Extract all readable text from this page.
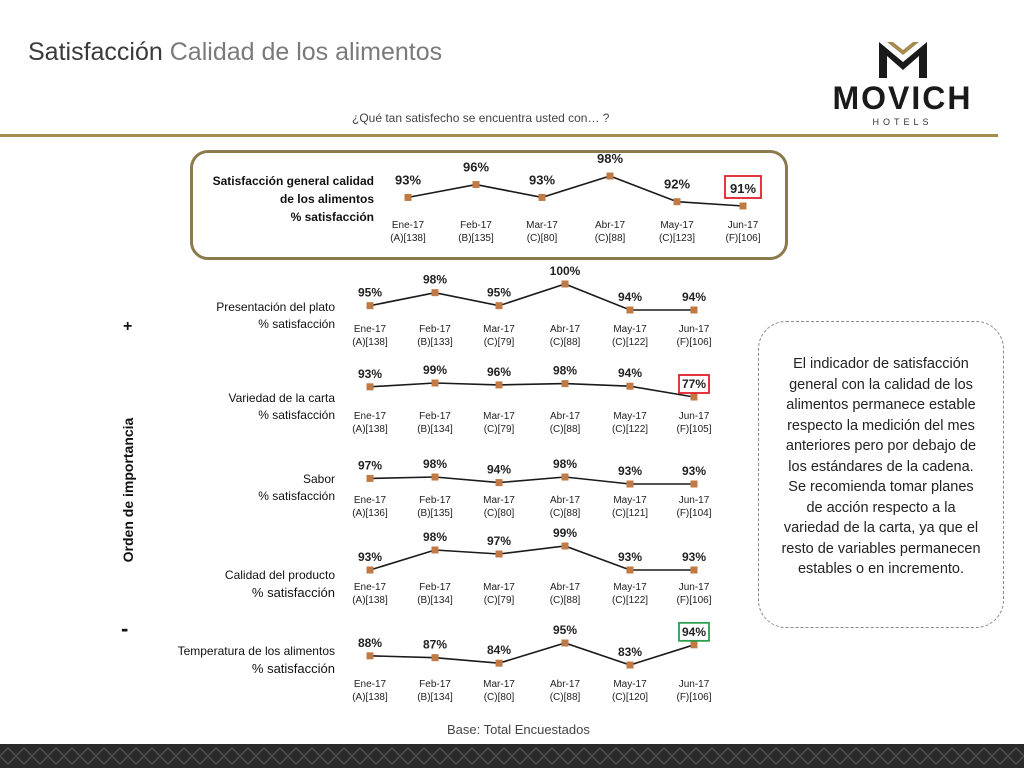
Satisfacción Calidad de los alimentos
MOVICH
HOTELS
¿Qué tan satisfecho se encuentra usted con… ?
Satisfacción general calidad
de los alimentos
% satisfacción
Presentación del plato
% satisfacción
Variedad de la carta
% satisfacción
Sabor
% satisfacción
Calidad del producto
% satisfacción
Temperatura de los alimentos
% satisfacción
+
Orden de importancia
-
93%
Ene-17
(A)[138]
96%
Feb-17
(B)[135]
93%
Mar-17
(C)[80]
98%
Abr-17
(C)[88]
92%
May-17
(C)[123]
91%
Jun-17
(F)[106]
95%
Ene-17
(A)[138]
98%
Feb-17
(B)[133]
95%
Mar-17
(C)[79]
100%
Abr-17
(C)[88]
94%
May-17
(C)[122]
94%
Jun-17
(F)[106]
93%
Ene-17
(A)[138]
99%
Feb-17
(B)[134]
96%
Mar-17
(C)[79]
98%
Abr-17
(C)[88]
94%
May-17
(C)[122]
77%
Jun-17
(F)[105]
97%
Ene-17
(A)[136]
98%
Feb-17
(B)[135]
94%
Mar-17
(C)[80]
98%
Abr-17
(C)[88]
93%
May-17
(C)[121]
93%
Jun-17
(F)[104]
93%
Ene-17
(A)[138]
98%
Feb-17
(B)[134]
97%
Mar-17
(C)[79]
99%
Abr-17
(C)[88]
93%
May-17
(C)[122]
93%
Jun-17
(F)[106]
88%
Ene-17
(A)[138]
87%
Feb-17
(B)[134]
84%
Mar-17
(C)[80]
95%
Abr-17
(C)[88]
83%
May-17
(C)[120]
94%
Jun-17
(F)[106]
El indicador de satisfacción general con la calidad de los alimentos permanece estable respecto la medición del mes anteriores pero por debajo de los estándares de la cadena. Se recomienda tomar planes de acción respecto a la variedad de la carta, ya que el resto de variables permanecen estables o en incremento.
Base: Total Encuestados
